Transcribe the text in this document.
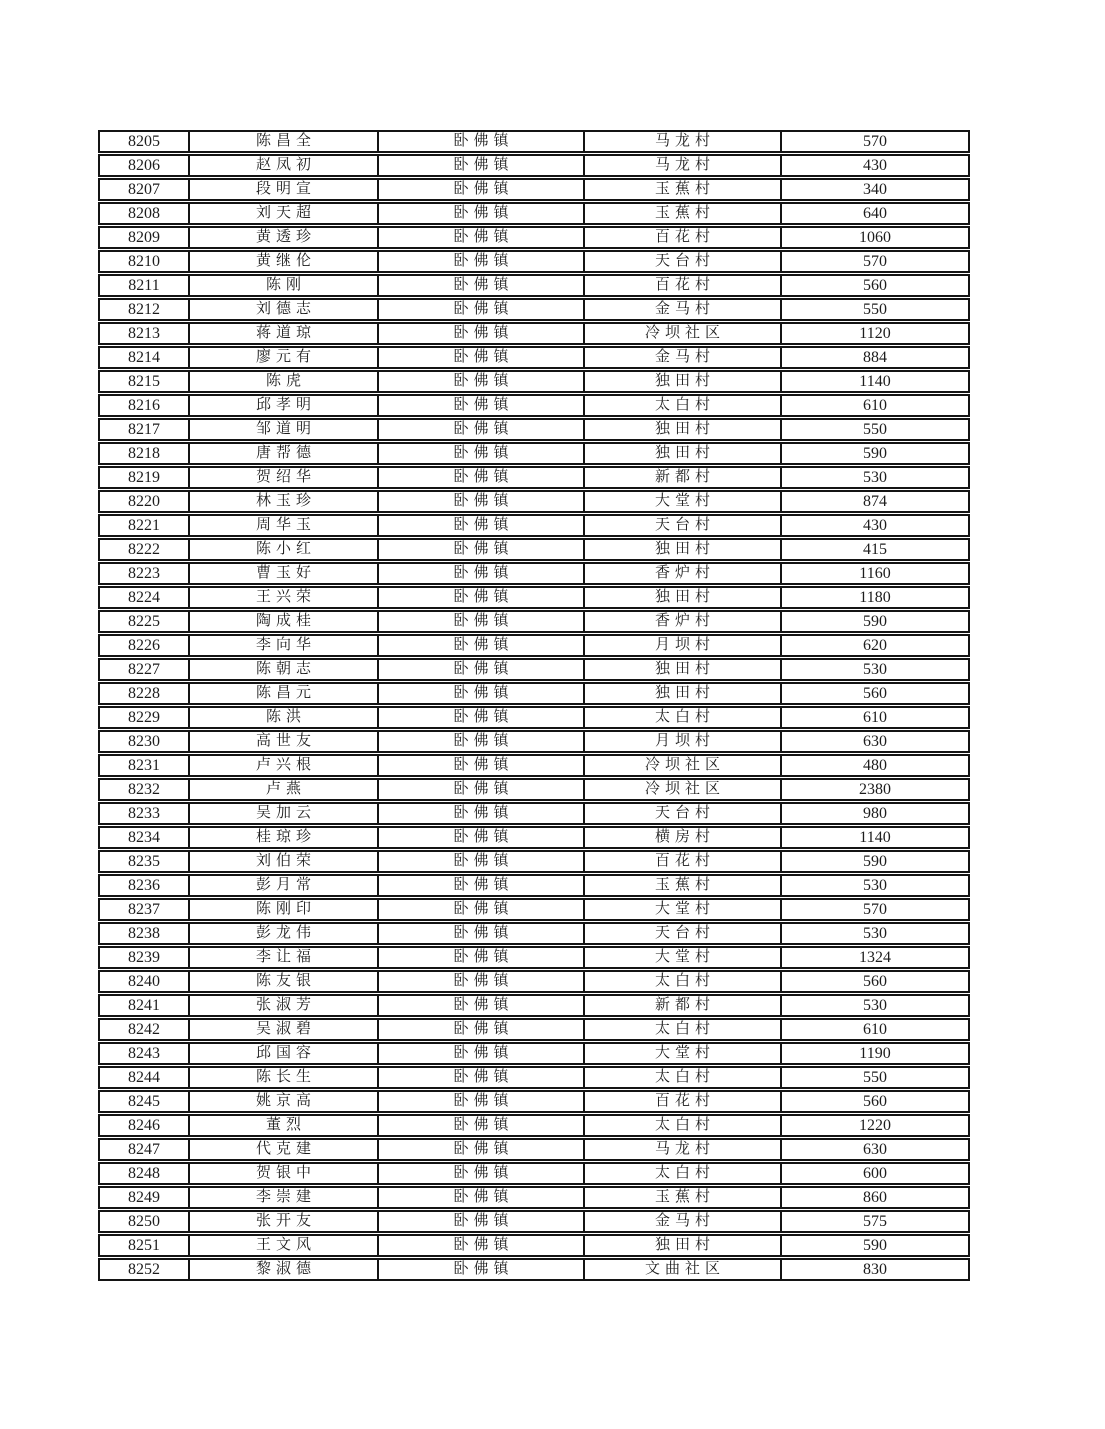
8205	陈昌全	卧佛镇	马龙村	570
8206	赵凤初	卧佛镇	马龙村	430
8207	段明宣	卧佛镇	玉蕉村	340
8208	刘天超	卧佛镇	玉蕉村	640
8209	黄透珍	卧佛镇	百花村	1060
8210	黄继伦	卧佛镇	天台村	570
8211	陈刚	卧佛镇	百花村	560
8212	刘德志	卧佛镇	金马村	550
8213	蒋道琼	卧佛镇	冷坝社区	1120
8214	廖元有	卧佛镇	金马村	884
8215	陈虎	卧佛镇	独田村	1140
8216	邱孝明	卧佛镇	太白村	610
8217	邹道明	卧佛镇	独田村	550
8218	唐帮德	卧佛镇	独田村	590
8219	贺绍华	卧佛镇	新都村	530
8220	林玉珍	卧佛镇	大堂村	874
8221	周华玉	卧佛镇	天台村	430
8222	陈小红	卧佛镇	独田村	415
8223	曹玉好	卧佛镇	香炉村	1160
8224	王兴荣	卧佛镇	独田村	1180
8225	陶成桂	卧佛镇	香炉村	590
8226	李向华	卧佛镇	月坝村	620
8227	陈朝志	卧佛镇	独田村	530
8228	陈昌元	卧佛镇	独田村	560
8229	陈洪	卧佛镇	太白村	610
8230	高世友	卧佛镇	月坝村	630
8231	卢兴根	卧佛镇	冷坝社区	480
8232	卢燕	卧佛镇	冷坝社区	2380
8233	吴加云	卧佛镇	天台村	980
8234	桂琼珍	卧佛镇	横房村	1140
8235	刘伯荣	卧佛镇	百花村	590
8236	彭月常	卧佛镇	玉蕉村	530
8237	陈刚印	卧佛镇	大堂村	570
8238	彭龙伟	卧佛镇	天台村	530
8239	李让福	卧佛镇	大堂村	1324
8240	陈友银	卧佛镇	太白村	560
8241	张淑芳	卧佛镇	新都村	530
8242	吴淑碧	卧佛镇	太白村	610
8243	邱国容	卧佛镇	大堂村	1190
8244	陈长生	卧佛镇	太白村	550
8245	姚京高	卧佛镇	百花村	560
8246	董烈	卧佛镇	太白村	1220
8247	代克建	卧佛镇	马龙村	630
8248	贺银中	卧佛镇	太白村	600
8249	李崇建	卧佛镇	玉蕉村	860
8250	张开友	卧佛镇	金马村	575
8251	王文风	卧佛镇	独田村	590
8252	黎淑德	卧佛镇	文曲社区	830
